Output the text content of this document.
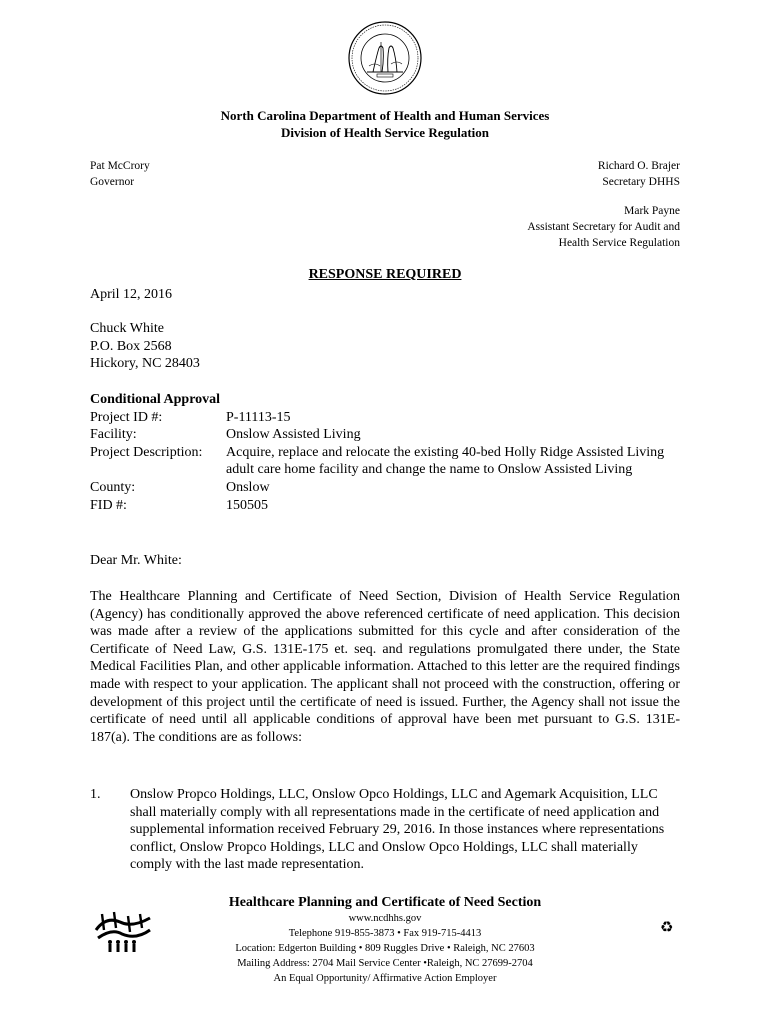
North Carolina Department of Health and Human Services
Division of Health Service Regulation
Pat McCrory
Governor
Richard O. Brajer
Secretary DHHS
Mark Payne
Assistant Secretary for Audit and
Health Service Regulation
RESPONSE REQUIRED
April 12, 2016
Chuck White
P.O. Box 2568
Hickory, NC 28403
Conditional Approval
Project ID #:	P-11113-15
Facility:	Onslow Assisted Living
Project Description:	Acquire, replace and relocate the existing 40-bed Holly Ridge Assisted Living adult care home facility and change the name to Onslow Assisted Living
County:	Onslow
FID #:	150505
Dear Mr. White:
The Healthcare Planning and Certificate of Need Section, Division of Health Service Regulation (Agency) has conditionally approved the above referenced certificate of need application. This decision was made after a review of the applications submitted for this cycle and after consideration of the Certificate of Need Law, G.S. 131E-175 et. seq. and regulations promulgated there under, the State Medical Facilities Plan, and other applicable information. Attached to this letter are the required findings made with respect to your application. The applicant shall not proceed with the construction, offering or development of this project until the certificate of need is issued. Further, the Agency shall not issue the certificate of need until all applicable conditions of approval have been met pursuant to G.S. 131E-187(a). The conditions are as follows:
1. Onslow Propco Holdings, LLC, Onslow Opco Holdings, LLC and Agemark Acquisition, LLC shall materially comply with all representations made in the certificate of need application and supplemental information received February 29, 2016. In those instances where representations conflict, Onslow Propco Holdings, LLC and Onslow Opco Holdings, LLC shall materially comply with the last made representation.
Healthcare Planning and Certificate of Need Section
www.ncdhhs.gov
Telephone 919-855-3873 • Fax 919-715-4413
Location: Edgerton Building • 809 Ruggles Drive • Raleigh, NC 27603
Mailing Address: 2704 Mail Service Center •Raleigh, NC 27699-2704
An Equal Opportunity/ Affirmative Action Employer
♻
